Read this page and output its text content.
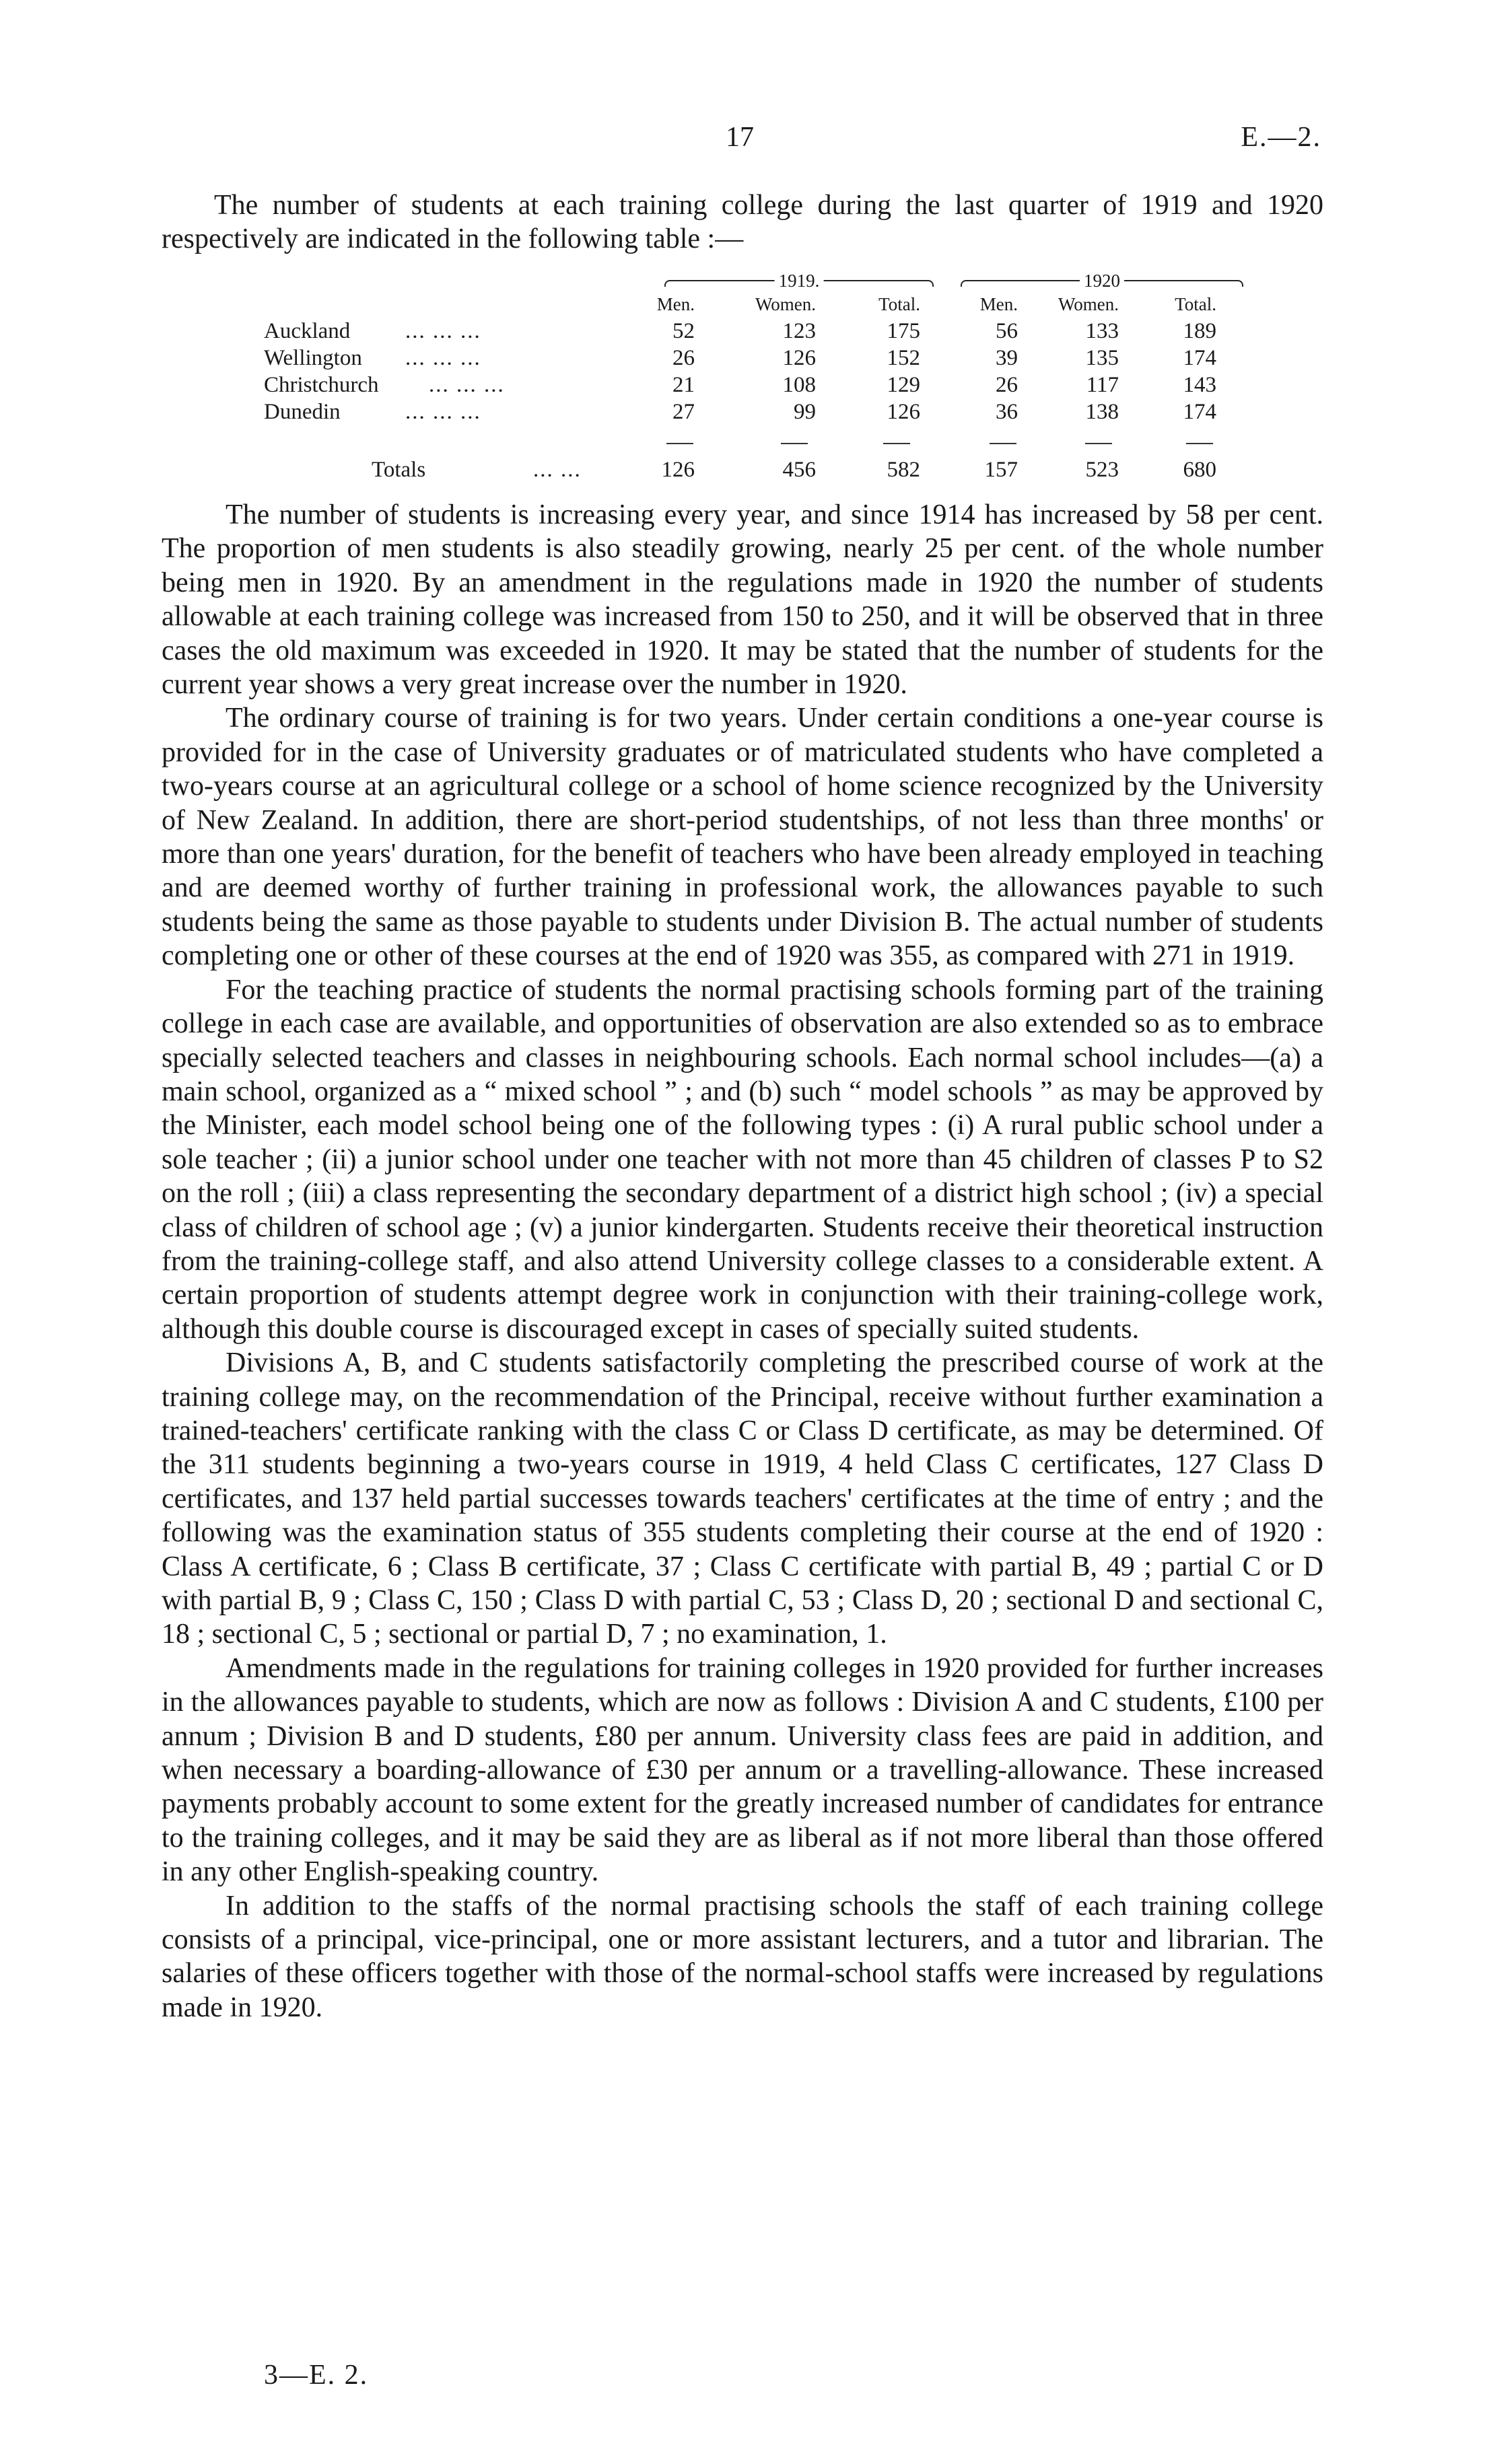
17	E.—2.

The number of students at each training college during the last quarter of 1919 and 1920 respectively are indicated in the following table :—

1919.	1920
Men.	Women.	Total.	Men.	Women.	Total.
Auckland ... ... ...	52	123	175	56	133	189
Wellington ... ... ...	26	126	152	39	135	174
Christchurch ... ... ...	21	108	129	26	117	143
Dunedin	... ... ...	27	99	126	36	138	174
Totals	... ...	126	456	582	157	523	680

The number of students is increasing every year, and since 1914 has increased by 58 per cent. The proportion of men students is also steadily growing, nearly 25 per cent. of the whole number being men in 1920. By an amendment in the regulations made in 1920 the number of students allowable at each training college was increased from 150 to 250, and it will be observed that in three cases the old maximum was exceeded in 1920. It may be stated that the number of students for the current year shows a very great increase over the number in 1920.

The ordinary course of training is for two years. Under certain conditions a one-year course is provided for in the case of University graduates or of matriculated students who have completed a two-years course at an agricultural college or a school of home science recognized by the University of New Zealand. In addition, there are short-period studentships, of not less than three months' or more than one years' duration, for the benefit of teachers who have been already employed in teaching and are deemed worthy of further training in professional work, the allowances payable to such students being the same as those payable to students under Division B. The actual number of students completing one or other of these courses at the end of 1920 was 355, as compared with 271 in 1919.

For the teaching practice of students the normal practising schools forming part of the training college in each case are available, and opportunities of observation are also extended so as to embrace specially selected teachers and classes in neighbouring schools. Each normal school includes—(a) a main school, organized as a “ mixed school ” ; and (b) such “ model schools ” as may be approved by the Minister, each model school being one of the following types : (i) A rural public school under a sole teacher ; (ii) a junior school under one teacher with not more than 45 children of classes P to S2 on the roll ; (iii) a class representing the secondary department of a district high school ; (iv) a special class of children of school age ; (v) a junior kindergarten. Students receive their theoretical instruction from the training-college staff, and also attend University college classes to a considerable extent. A certain proportion of students attempt degree work in conjunction with their training-college work, although this double course is discouraged except in cases of specially suited students.

Divisions A, B, and C students satisfactorily completing the prescribed course of work at the training college may, on the recommendation of the Principal, receive without further examination a trained-teachers' certificate ranking with the class C or Class D certificate, as may be determined. Of the 311 students beginning a two-years course in 1919, 4 held Class C certificates, 127 Class D certificates, and 137 held partial successes towards teachers' certificates at the time of entry ; and the following was the examination status of 355 students completing their course at the end of 1920 : Class A certificate, 6 ; Class B certificate, 37 ; Class C certificate with partial B, 49 ; partial C or D with partial B, 9 ; Class C, 150 ; Class D with partial C, 53 ; Class D, 20 ; sectional D and sectional C, 18 ; sectional C, 5 ; sectional or partial D, 7 ; no examination, 1.

Amendments made in the regulations for training colleges in 1920 provided for further increases in the allowances payable to students, which are now as follows : Division A and C students, £100 per annum ; Division B and D students, £80 per annum. University class fees are paid in addition, and when necessary a boarding-allowance of £30 per annum or a travelling-allowance. These increased payments probably account to some extent for the greatly increased number of candidates for entrance to the training colleges, and it may be said they are as liberal as if not more liberal than those offered in any other English-speaking country.

In addition to the staffs of the normal practising schools the staff of each training college consists of a principal, vice-principal, one or more assistant lecturers, and a tutor and librarian. The salaries of these officers together with those of the normal-school staffs were increased by regulations made in 1920.

3—E. 2.
